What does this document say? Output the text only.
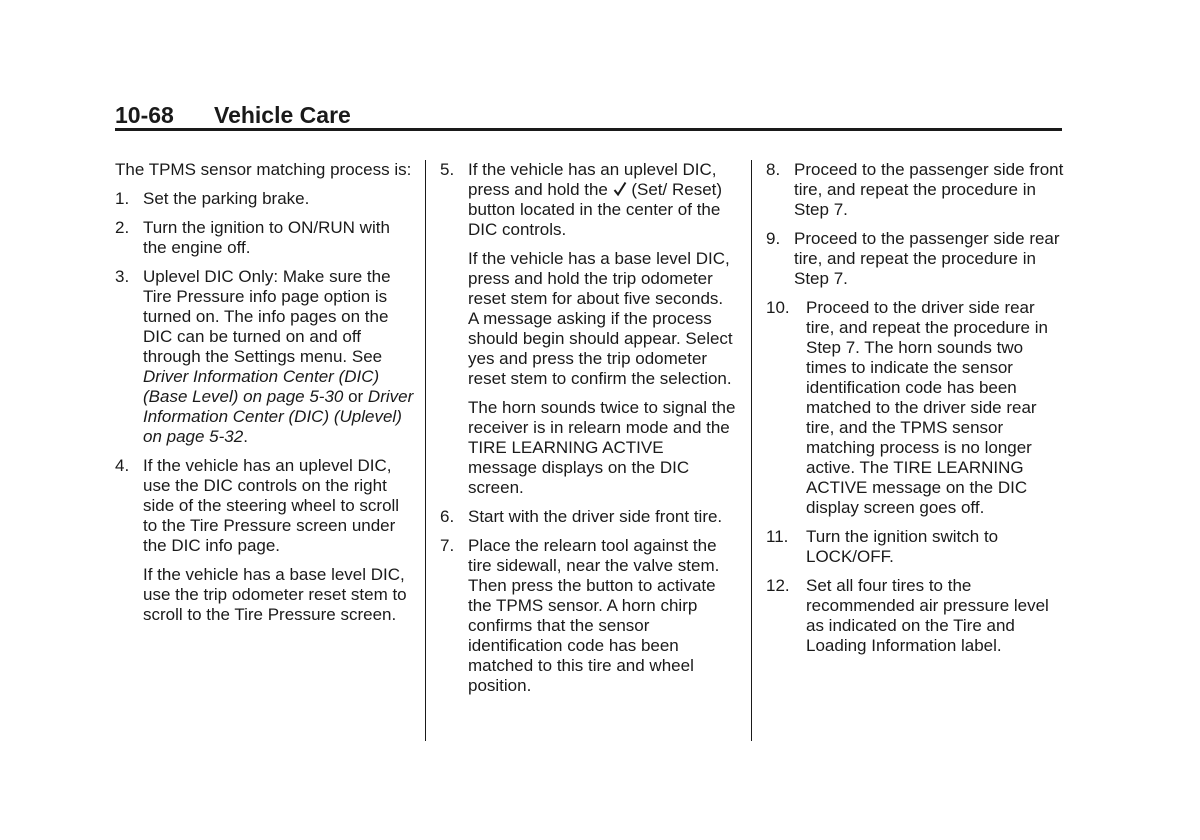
10-68 Vehicle Care

The TPMS sensor matching process is:

1. Set the parking brake.
2. Turn the ignition to ON/RUN with the engine off.
3. Uplevel DIC Only: Make sure the Tire Pressure info page option is turned on. The info pages on the DIC can be turned on and off through the Settings menu. See Driver Information Center (DIC) (Base Level) on page 5-30 or Driver Information Center (DIC) (Uplevel) on page 5-32.
4. If the vehicle has an uplevel DIC, use the DIC controls on the right side of the steering wheel to scroll to the Tire Pressure screen under the DIC info page.
If the vehicle has a base level DIC, use the trip odometer reset stem to scroll to the Tire Pressure screen.
5. If the vehicle has an uplevel DIC, press and hold the  (Set/ Reset) button located in the center of the DIC controls.
If the vehicle has a base level DIC, press and hold the trip odometer reset stem for about five seconds. A message asking if the process should begin should appear. Select yes and press the trip odometer reset stem to confirm the selection.
The horn sounds twice to signal the receiver is in relearn mode and the TIRE LEARNING ACTIVE message displays on the DIC screen.
6. Start with the driver side front tire.
7. Place the relearn tool against the tire sidewall, near the valve stem. Then press the button to activate the TPMS sensor. A horn chirp confirms that the sensor identification code has been matched to this tire and wheel position.
8. Proceed to the passenger side front tire, and repeat the procedure in Step 7.
9. Proceed to the passenger side rear tire, and repeat the procedure in Step 7.
10. Proceed to the driver side rear tire, and repeat the procedure in Step 7. The horn sounds two times to indicate the sensor identification code has been matched to the driver side rear tire, and the TPMS sensor matching process is no longer active. The TIRE LEARNING ACTIVE message on the DIC display screen goes off.
11.	Turn the ignition switch to LOCK/OFF.
12. Set all four tires to the recommended air pressure level as indicated on the Tire and Loading Information label.
